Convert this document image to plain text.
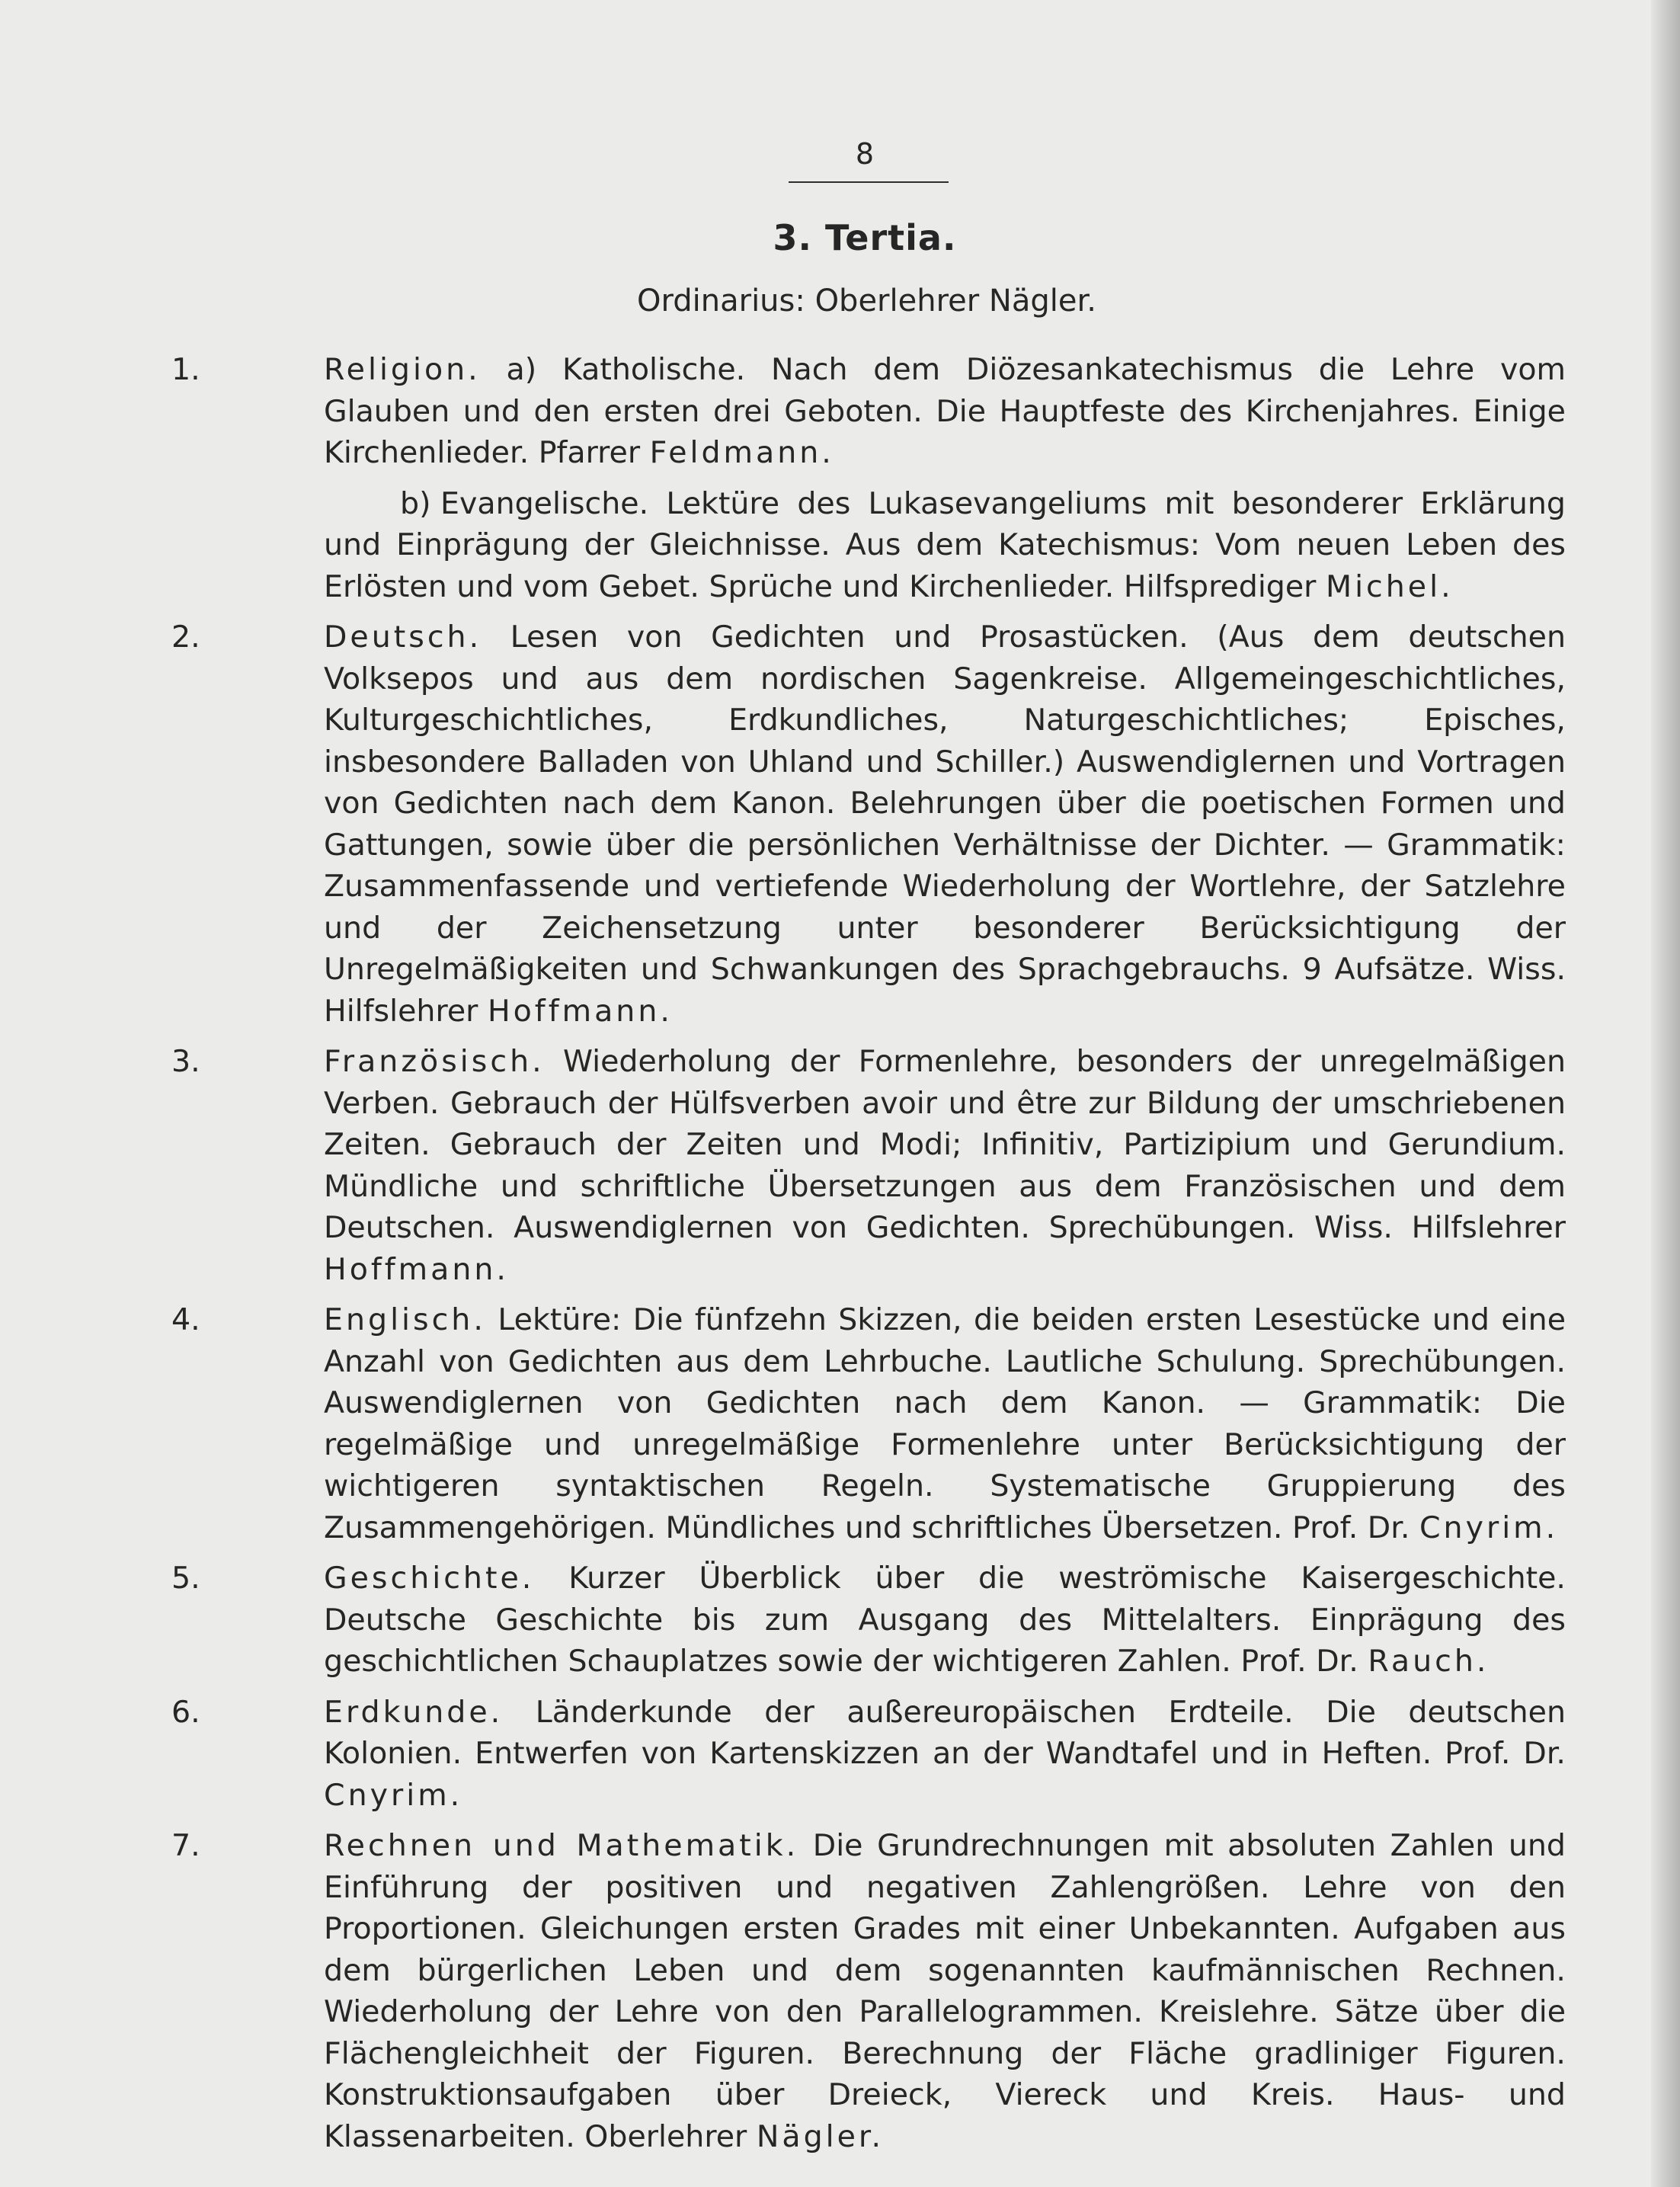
8
3. Tertia.
Ordinarius: Oberlehrer Nägler.
1.	Religion. a) Katholische. Nach dem Diözesankatechismus die Lehre vom Glauben und den ersten drei Geboten. Die Hauptfeste des Kirchenjahres. Einige Kirchenlieder. Pfarrer Feldmann.
b) Evangelische. Lektüre des Lukasevangeliums mit besonderer Erklärung und Einprägung der Gleichnisse. Aus dem Katechismus: Vom neuen Leben des Erlösten und vom Gebet. Sprüche und Kirchenlieder. Hilfsprediger Michel.
2.	Deutsch. Lesen von Gedichten und Prosastücken. (Aus dem deutschen Volksepos und aus dem nordischen Sagenkreise. Allgemeingeschichtliches, Kulturgeschichtliches, Erdkundliches, Naturgeschichtliches; Episches, insbesondere Balladen von Uhland und Schiller.) Auswendiglernen und Vortragen von Gedichten nach dem Kanon. Belehrungen über die poetischen Formen und Gattungen, sowie über die persönlichen Verhältnisse der Dichter. — Grammatik: Zusammenfassende und vertiefende Wiederholung der Wortlehre, der Satzlehre und der Zeichensetzung unter besonderer Berücksichtigung der Unregelmäßigkeiten und Schwankungen des Sprachgebrauchs. 9 Aufsätze. Wiss. Hilfslehrer Hoffmann.
3.	Französisch. Wiederholung der Formenlehre, besonders der unregelmäßigen Verben. Gebrauch der Hülfsverben avoir und être zur Bildung der umschriebenen Zeiten. Gebrauch der Zeiten und Modi; Infinitiv, Partizipium und Gerundium. Mündliche und schriftliche Übersetzungen aus dem Französischen und dem Deutschen. Auswendiglernen von Gedichten. Sprechübungen. Wiss. Hilfslehrer Hoffmann.
4.	Englisch. Lektüre: Die fünfzehn Skizzen, die beiden ersten Lesestücke und eine Anzahl von Gedichten aus dem Lehrbuche. Lautliche Schulung. Sprechübungen. Auswendiglernen von Gedichten nach dem Kanon. — Grammatik: Die regelmäßige und unregelmäßige Formenlehre unter Berücksichtigung der wichtigeren syntaktischen Regeln. Systematische Gruppierung des Zusammengehörigen. Mündliches und schriftliches Übersetzen. Prof. Dr. Cnyrim.
5.	Geschichte. Kurzer Überblick über die weströmische Kaisergeschichte. Deutsche Geschichte bis zum Ausgang des Mittelalters. Einprägung des geschichtlichen Schauplatzes sowie der wichtigeren Zahlen. Prof. Dr. Rauch.
6.	Erdkunde. Länderkunde der außereuropäischen Erdteile. Die deutschen Kolonien. Entwerfen von Kartenskizzen an der Wandtafel und in Heften. Prof. Dr. Cnyrim.
7.	Rechnen und Mathematik. Die Grundrechnungen mit absoluten Zahlen und Einführung der positiven und negativen Zahlengrößen. Lehre von den Proportionen. Gleichungen ersten Grades mit einer Unbekannten. Aufgaben aus dem bürgerlichen Leben und dem sogenannten kaufmännischen Rechnen. Wiederholung der Lehre von den Parallelogrammen. Kreislehre. Sätze über die Flächengleichheit der Figuren. Berechnung der Fläche gradliniger Figuren. Konstruktionsaufgaben über Dreieck, Viereck und Kreis. Haus- und Klassenarbeiten. Oberlehrer Nägler.
